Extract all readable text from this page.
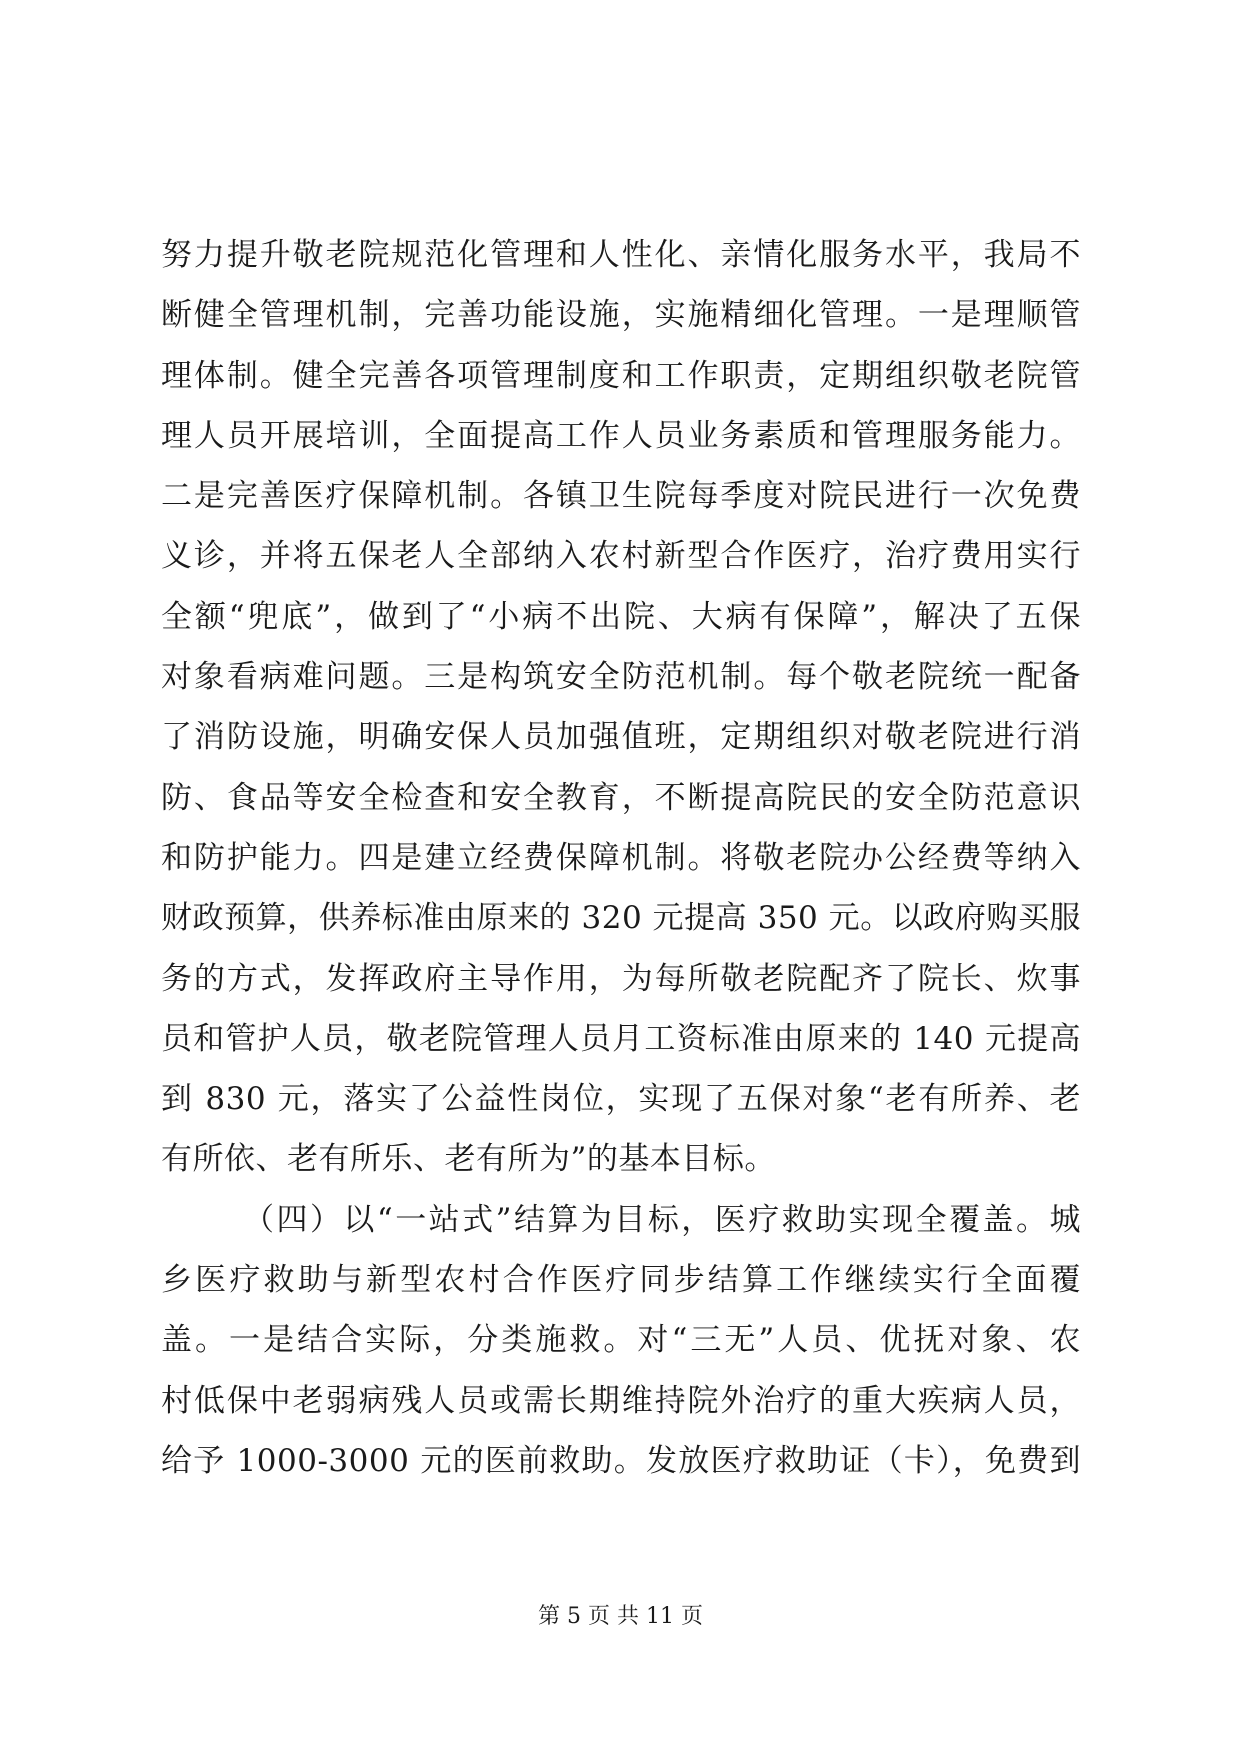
努力提升敬老院规范化管理和人性化、亲情化服务水平，我局不
断健全管理机制，完善功能设施，实施精细化管理。一是理顺管
理体制。健全完善各项管理制度和工作职责，定期组织敬老院管
理人员开展培训，全面提高工作人员业务素质和管理服务能力。
二是完善医疗保障机制。各镇卫生院每季度对院民进行一次免费
义诊，并将五保老人全部纳入农村新型合作医疗，治疗费用实行
全额“兜底”，做到了“小病不出院、大病有保障”，解决了五保
对象看病难问题。三是构筑安全防范机制。每个敬老院统一配备
了消防设施，明确安保人员加强值班，定期组织对敬老院进行消
防、食品等安全检查和安全教育，不断提高院民的安全防范意识
和防护能力。四是建立经费保障机制。将敬老院办公经费等纳入
财政预算，供养标准由原来的 320 元提高 350 元。以政府购买服
务的方式，发挥政府主导作用，为每所敬老院配齐了院长、炊事
员和管护人员，敬老院管理人员月工资标准由原来的 140 元提高
到 830 元，落实了公益性岗位，实现了五保对象“老有所养、老
有所依、老有所乐、老有所为”的基本目标。
（四）以“一站式”结算为目标，医疗救助实现全覆盖。城
乡医疗救助与新型农村合作医疗同步结算工作继续实行全面覆
盖。一是结合实际，分类施救。对“三无”人员、优抚对象、农
村低保中老弱病残人员或需长期维持院外治疗的重大疾病人员，
给予 1000-3000 元的医前救助。发放医疗救助证（卡），免费到
第 5 页 共 11 页
